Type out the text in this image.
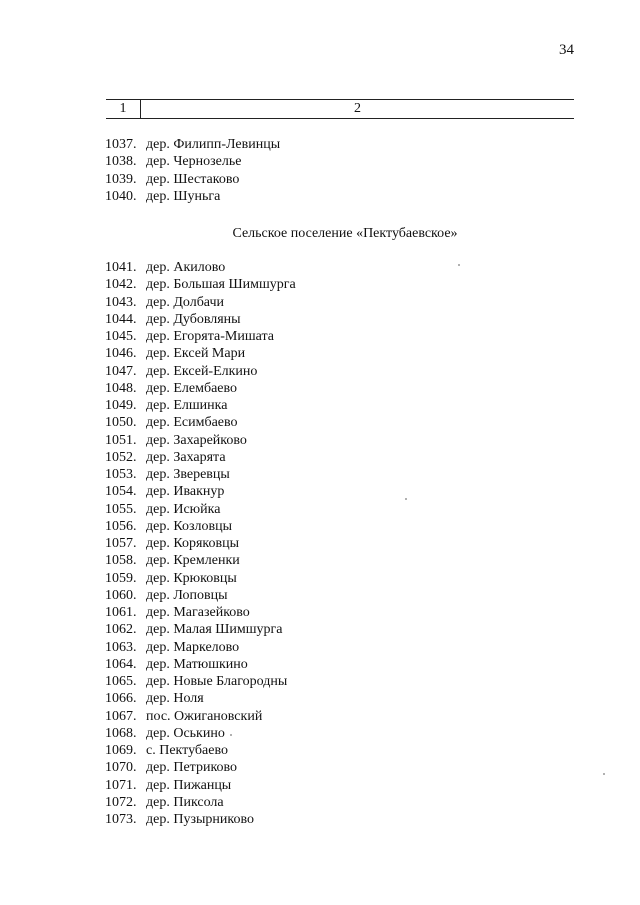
34
1	2
1037. дер. Филипп-Левинцы
1038. дер. Чернозелье
1039. дер. Шестаково
1040. дер. Шуньга
Сельское поселение «Пектубаевское»
1041. дер. Акилово
1042. дер. Большая Шимшурга
1043. дер. Долбачи
1044. дер. Дубовляны
1045. дер. Егорята-Мишата
1046. дер. Ексей Мари
1047. дер. Ексей-Елкино
1048. дер. Елембаево
1049. дер. Елшинка
1050. дер. Есимбаево
1051. дер. Захарейково
1052. дер. Захарята
1053. дер. Зверевцы
1054. дер. Ивакнур
1055. дер. Исюйка
1056. дер. Козловцы
1057. дер. Коряковцы
1058. дер. Кремленки
1059. дер. Крюковцы
1060. дер. Лоповцы
1061. дер. Магазейково
1062. дер. Малая Шимшурга
1063. дер. Маркелово
1064. дер. Матюшкино
1065. дер. Новые Благородны
1066. дер. Ноля
1067. пос. Ожигановский
1068. дер. Оськино
1069. с. Пектубаево
1070. дер. Петриково
1071. дер. Пижанцы
1072. дер. Пиксола
1073. дер. Пузырниково
